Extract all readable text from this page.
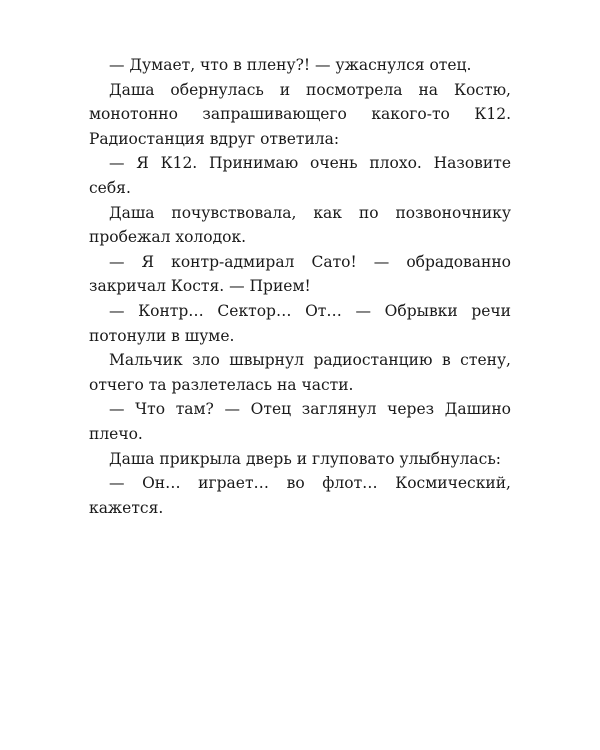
— Думает, что в плену?! — ужаснулся отец.

Даша обернулась и посмотрела на Костю, монотонно запрашивающего какого-то К12. Радиостанция вдруг ответила:

— Я К12. Принимаю очень плохо. Назовите себя.

Даша почувствовала, как по позвоночнику пробежал холодок.

— Я контр-адмирал Сато! — обрадованно закричал Костя. — Прием!

— Контр… Сектор… От… — Обрывки речи потонули в шуме.

Мальчик зло швырнул радиостанцию в стену, отчего та разлетелась на части.

— Что там? — Отец заглянул через Дашино плечо.

Даша прикрыла дверь и глуповато улыбнулась:

— Он… играет… во флот… Космический, кажется.
